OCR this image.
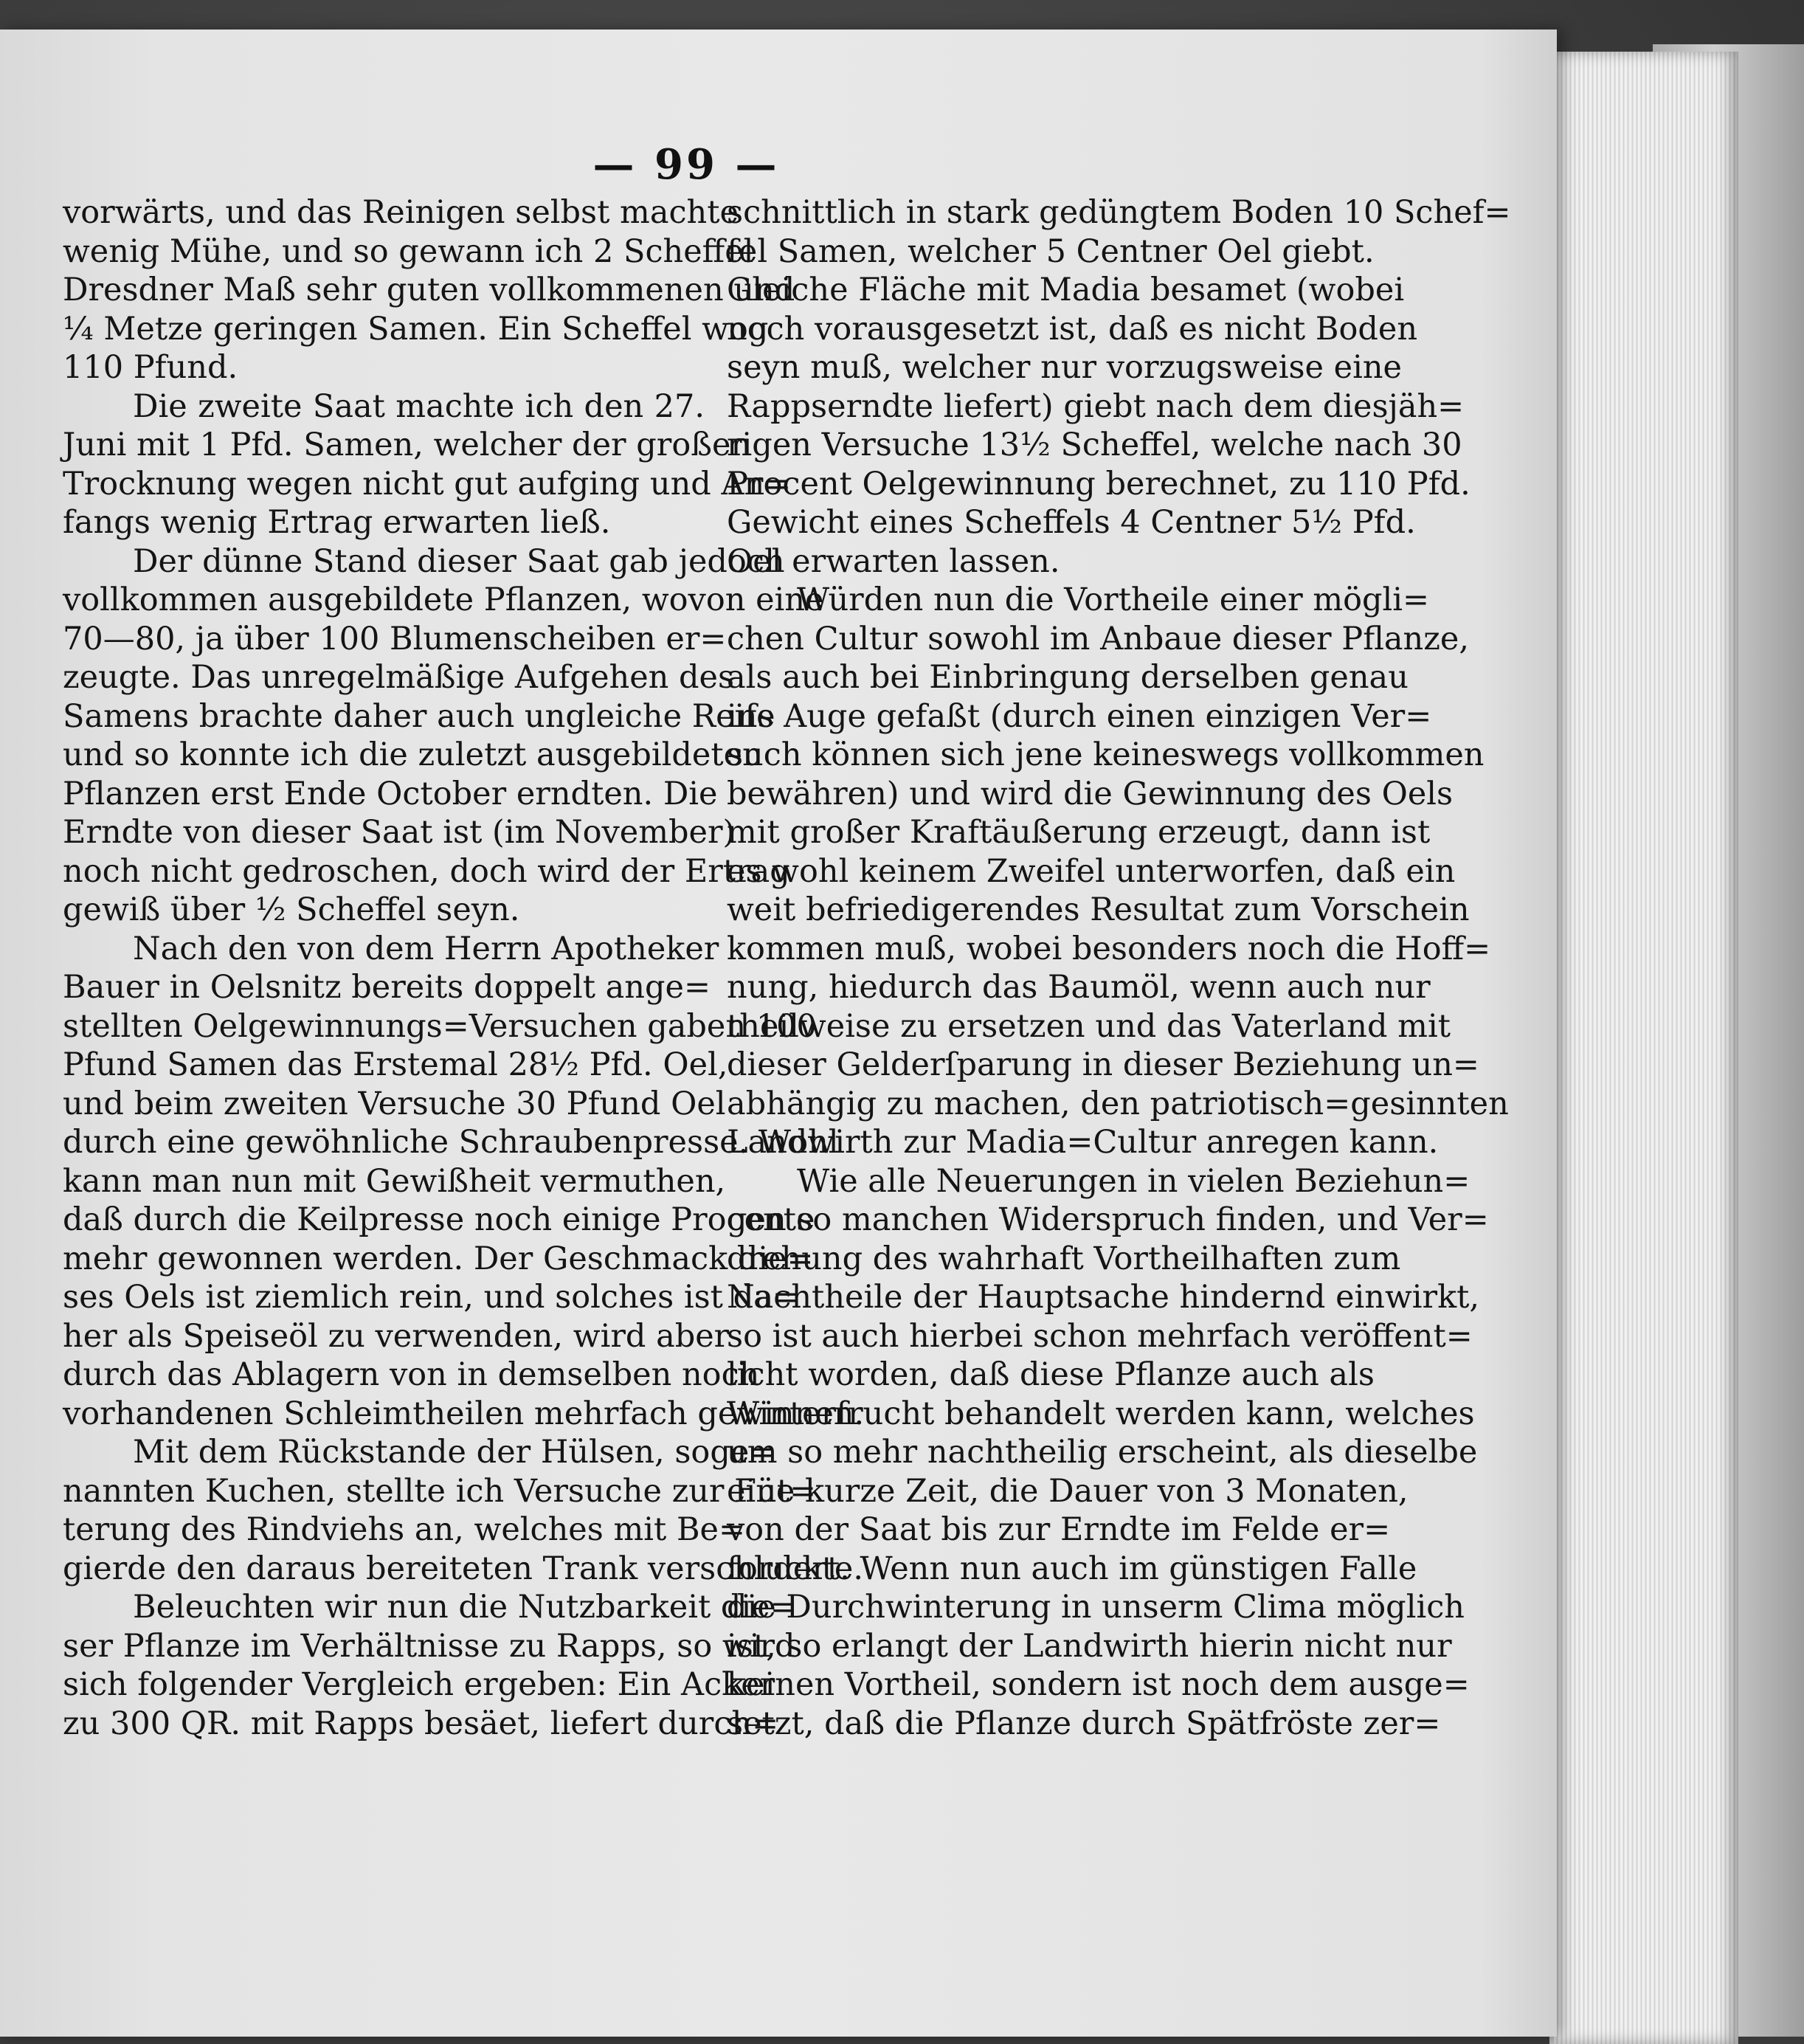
— 99 —
vorwärts, und das Reinigen selbst machte
wenig Mühe, und so gewann ich 2 Scheffel
Dresdner Maß sehr guten vollkommenen und
¼ Metze geringen Samen. Ein Scheffel wog
110 Pfund.
Die zweite Saat machte ich den 27.
Juni mit 1 Pfd. Samen, welcher der großen
Trocknung wegen nicht gut aufging und An=
fangs wenig Ertrag erwarten ließ.
Der dünne Stand dieser Saat gab jedoch
vollkommen ausgebildete Pflanzen, wovon eine
70—80, ja über 100 Blumenscheiben er=
zeugte. Das unregelmäßige Aufgehen des
Samens brachte daher auch ungleiche Reife
und so konnte ich die zuletzt ausgebildeten
Pflanzen erst Ende October erndten. Die
Erndte von dieser Saat ist (im November)
noch nicht gedroschen, doch wird der Ertrag
gewiß über ½ Scheffel seyn.
Nach den von dem Herrn Apotheker
Bauer in Oelsnitz bereits doppelt ange=
stellten Oelgewinnungs=Versuchen gaben 100
Pfund Samen das Erstemal 28½ Pfd. Oel,
und beim zweiten Versuche 30 Pfund Oel
durch eine gewöhnliche Schraubenpresse. Wohl
kann man nun mit Gewißheit vermuthen,
daß durch die Keilpresse noch einige Procente
mehr gewonnen werden. Der Geschmack die=
ses Oels ist ziemlich rein, und solches ist da=
her als Speiseöl zu verwenden, wird aber
durch das Ablagern von in demselben noch
vorhandenen Schleimtheilen mehrfach gewinnen.
Mit dem Rückstande der Hülsen, soge=
nannten Kuchen, stellte ich Versuche zur Füt=
terung des Rindviehs an, welches mit Be=
gierde den daraus bereiteten Trank verschluckte.
Beleuchten wir nun die Nutzbarkeit die=
ser Pflanze im Verhältnisse zu Rapps, so wird
sich folgender Vergleich ergeben: Ein Acker
zu 300 QR. mit Rapps besäet, liefert durch=
schnittlich in stark gedüngtem Boden 10 Schef=
fel Samen, welcher 5 Centner Oel giebt.
Gleiche Fläche mit Madia besamet (wobei
noch vorausgesetzt ist, daß es nicht Boden
seyn muß, welcher nur vorzugsweise eine
Rappserndte liefert) giebt nach dem diesjäh=
rigen Versuche 13½ Scheffel, welche nach 30
Procent Oelgewinnung berechnet, zu 110 Pfd.
Gewicht eines Scheffels 4 Centner 5½ Pfd.
Oel erwarten lassen.
Würden nun die Vortheile einer mögli=
chen Cultur sowohl im Anbaue dieser Pflanze,
als auch bei Einbringung derselben genau
ins Auge gefaßt (durch einen einzigen Ver=
such können sich jene keineswegs vollkommen
bewähren) und wird die Gewinnung des Oels
mit großer Kraftäußerung erzeugt, dann ist
es wohl keinem Zweifel unterworfen, daß ein
weit befriedigerendes Resultat zum Vorschein
kommen muß, wobei besonders noch die Hoff=
nung, hiedurch das Baumöl, wenn auch nur
theilweise zu ersetzen und das Vaterland mit
dieser Gelderſparung in dieser Beziehung un=
abhängig zu machen, den patriotisch=gesinnten
Landwirth zur Madia=Cultur anregen kann.
Wie alle Neuerungen in vielen Beziehun=
gen so manchen Widerspruch finden, und Ver=
drehung des wahrhaft Vortheilhaften zum
Nachtheile der Hauptsache hindernd einwirkt,
so ist auch hierbei schon mehrfach veröffent=
licht worden, daß diese Pflanze auch als
Winterfrucht behandelt werden kann, welches
um so mehr nachtheilig erscheint, als dieselbe
eine kurze Zeit, die Dauer von 3 Monaten,
von der Saat bis zur Erndte im Felde er=
fordert. Wenn nun auch im günstigen Falle
die Durchwinterung in unserm Clima möglich
ist, so erlangt der Landwirth hierin nicht nur
keinen Vortheil, sondern ist noch dem ausge=
setzt, daß die Pflanze durch Spätfröste zer=
